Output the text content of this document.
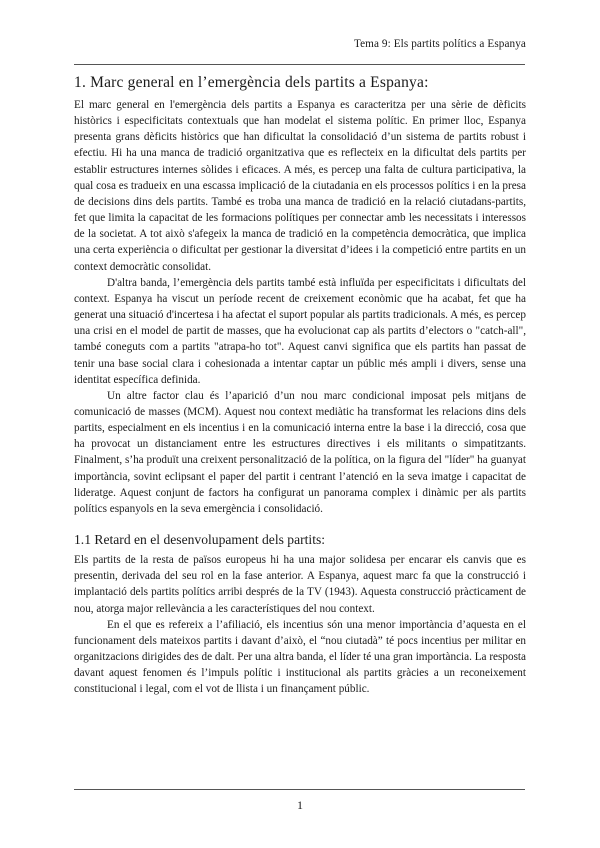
Tema 9: Els partits polítics a Espanya
1. Marc general en l’emergència dels partits a Espanya:

El marc general en l'emergència dels partits a Espanya es caracteritza per una sèrie de dèficits històrics i especificitats contextuals que han modelat el sistema polític. En primer lloc, Espanya presenta grans dèficits històrics que han dificultat la consolidació d’un sistema de partits robust i efectiu. Hi ha una manca de tradició organitzativa que es reflecteix en la dificultat dels partits per establir estructures internes sòlides i eficaces. A més, es percep una falta de cultura participativa, la qual cosa es tradueix en una escassa implicació de la ciutadania en els processos polítics i en la presa de decisions dins dels partits. També es troba una manca de tradició en la relació ciutadans-partits, fet que limita la capacitat de les formacions polítiques per connectar amb les necessitats i interessos de la societat. A tot això s'afegeix la manca de tradició en la competència democràtica, que implica una certa experiència o dificultat per gestionar la diversitat d’idees i la competició entre partits en un context democràtic consolidat.

D'altra banda, l’emergència dels partits també està influïda per especificitats i dificultats del context. Espanya ha viscut un període recent de creixement econòmic que ha acabat, fet que ha generat una situació d'incertesa i ha afectat el suport popular als partits tradicionals. A més, es percep una crisi en el model de partit de masses, que ha evolucionat cap als partits d’electors o "catch-all", també coneguts com a partits "atrapa-ho tot". Aquest canvi significa que els partits han passat de tenir una base social clara i cohesionada a intentar captar un públic més ampli i divers, sense una identitat específica definida.

Un altre factor clau és l’aparició d’un nou marc condicional imposat pels mitjans de comunicació de masses (MCM). Aquest nou context mediàtic ha transformat les relacions dins dels partits, especialment en els incentius i en la comunicació interna entre la base i la direcció, cosa que ha provocat un distanciament entre les estructures directives i els militants o simpatitzants. Finalment, s’ha produït una creixent personalització de la política, on la figura del "líder" ha guanyat importància, sovint eclipsant el paper del partit i centrant l’atenció en la seva imatge i capacitat de lideratge. Aquest conjunt de factors ha configurat un panorama complex i dinàmic per als partits polítics espanyols en la seva emergència i consolidació.

1.1 Retard en el desenvolupament dels partits:

Els partits de la resta de països europeus hi ha una major solidesa per encarar els canvis que es presentin, derivada del seu rol en la fase anterior. A Espanya, aquest marc fa que la construcció i implantació dels partits polítics arribi després de la TV (1943). Aquesta construcció pràcticament de nou, atorga major rellevància a les característiques del nou context.

En el que es refereix a l’afiliació, els incentius són una menor importància d’aquesta en el funcionament dels mateixos partits i davant d’això, el “nou ciutadà” té pocs incentius per militar en organitzacions dirigides des de dalt. Per una altra banda, el líder té una gran importància. La resposta davant aquest fenomen és l’impuls polític i institucional als partits gràcies a un reconeixement constitucional i legal, com el vot de llista i un finançament públic.

1
